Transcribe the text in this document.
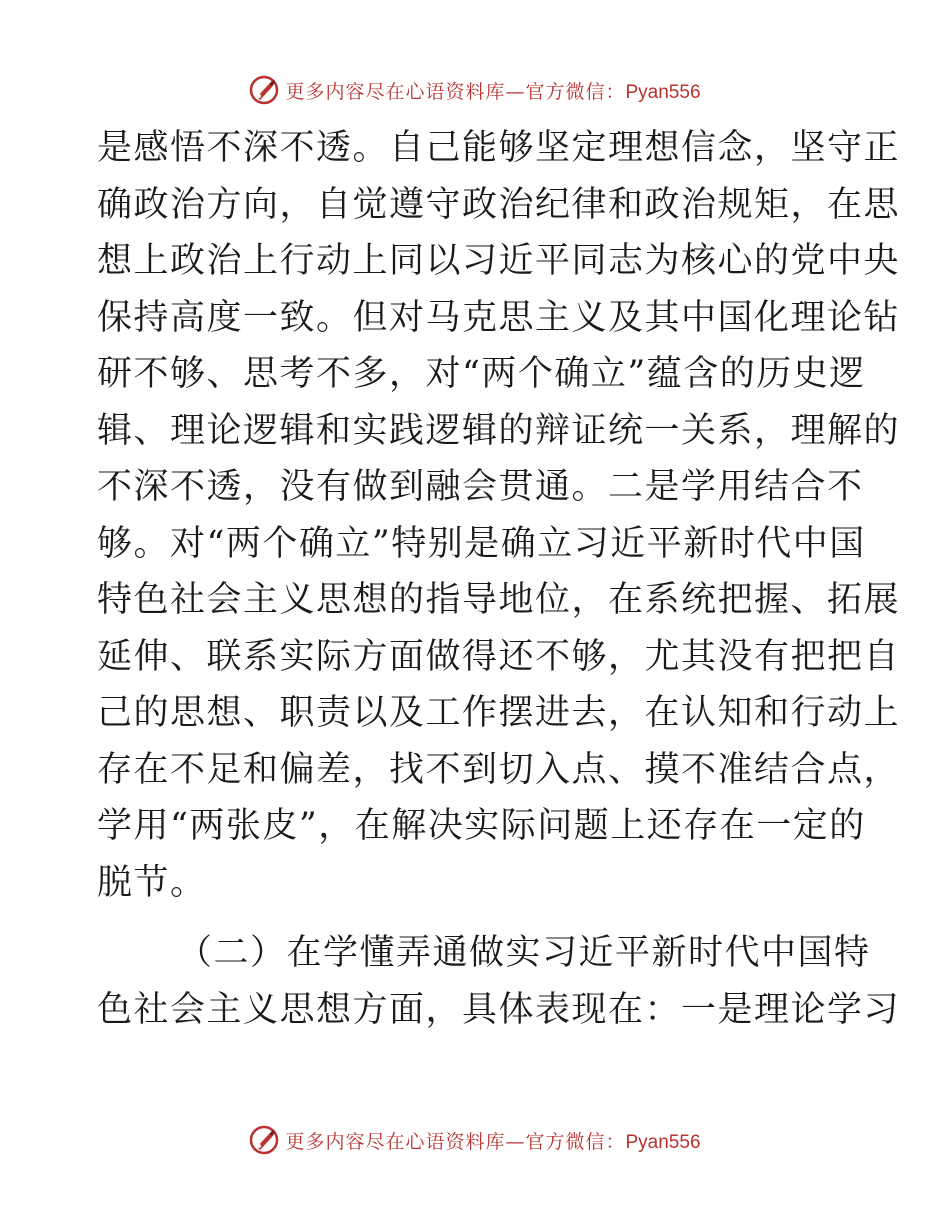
更多内容尽在心语资料库—官方微信：Pyan556
是感悟不深不透。自己能够坚定理想信念，坚守正
确政治方向，自觉遵守政治纪律和政治规矩，在思
想上政治上行动上同以习近平同志为核心的党中央
保持高度一致。但对马克思主义及其中国化理论钻
研不够、思考不多，对“两个确立”蕴含的历史逻
辑、理论逻辑和实践逻辑的辩证统一关系，理解的
不深不透，没有做到融会贯通。二是学用结合不
够。对“两个确立”特别是确立习近平新时代中国
特色社会主义思想的指导地位，在系统把握、拓展
延伸、联系实际方面做得还不够，尤其没有把把自
己的思想、职责以及工作摆进去，在认知和行动上
存在不足和偏差，找不到切入点、摸不准结合点，
学用“两张皮”，在解决实际问题上还存在一定的
脱节。
（二）在学懂弄通做实习近平新时代中国特
色社会主义思想方面，具体表现在：一是理论学习
更多内容尽在心语资料库—官方微信：Pyan556
